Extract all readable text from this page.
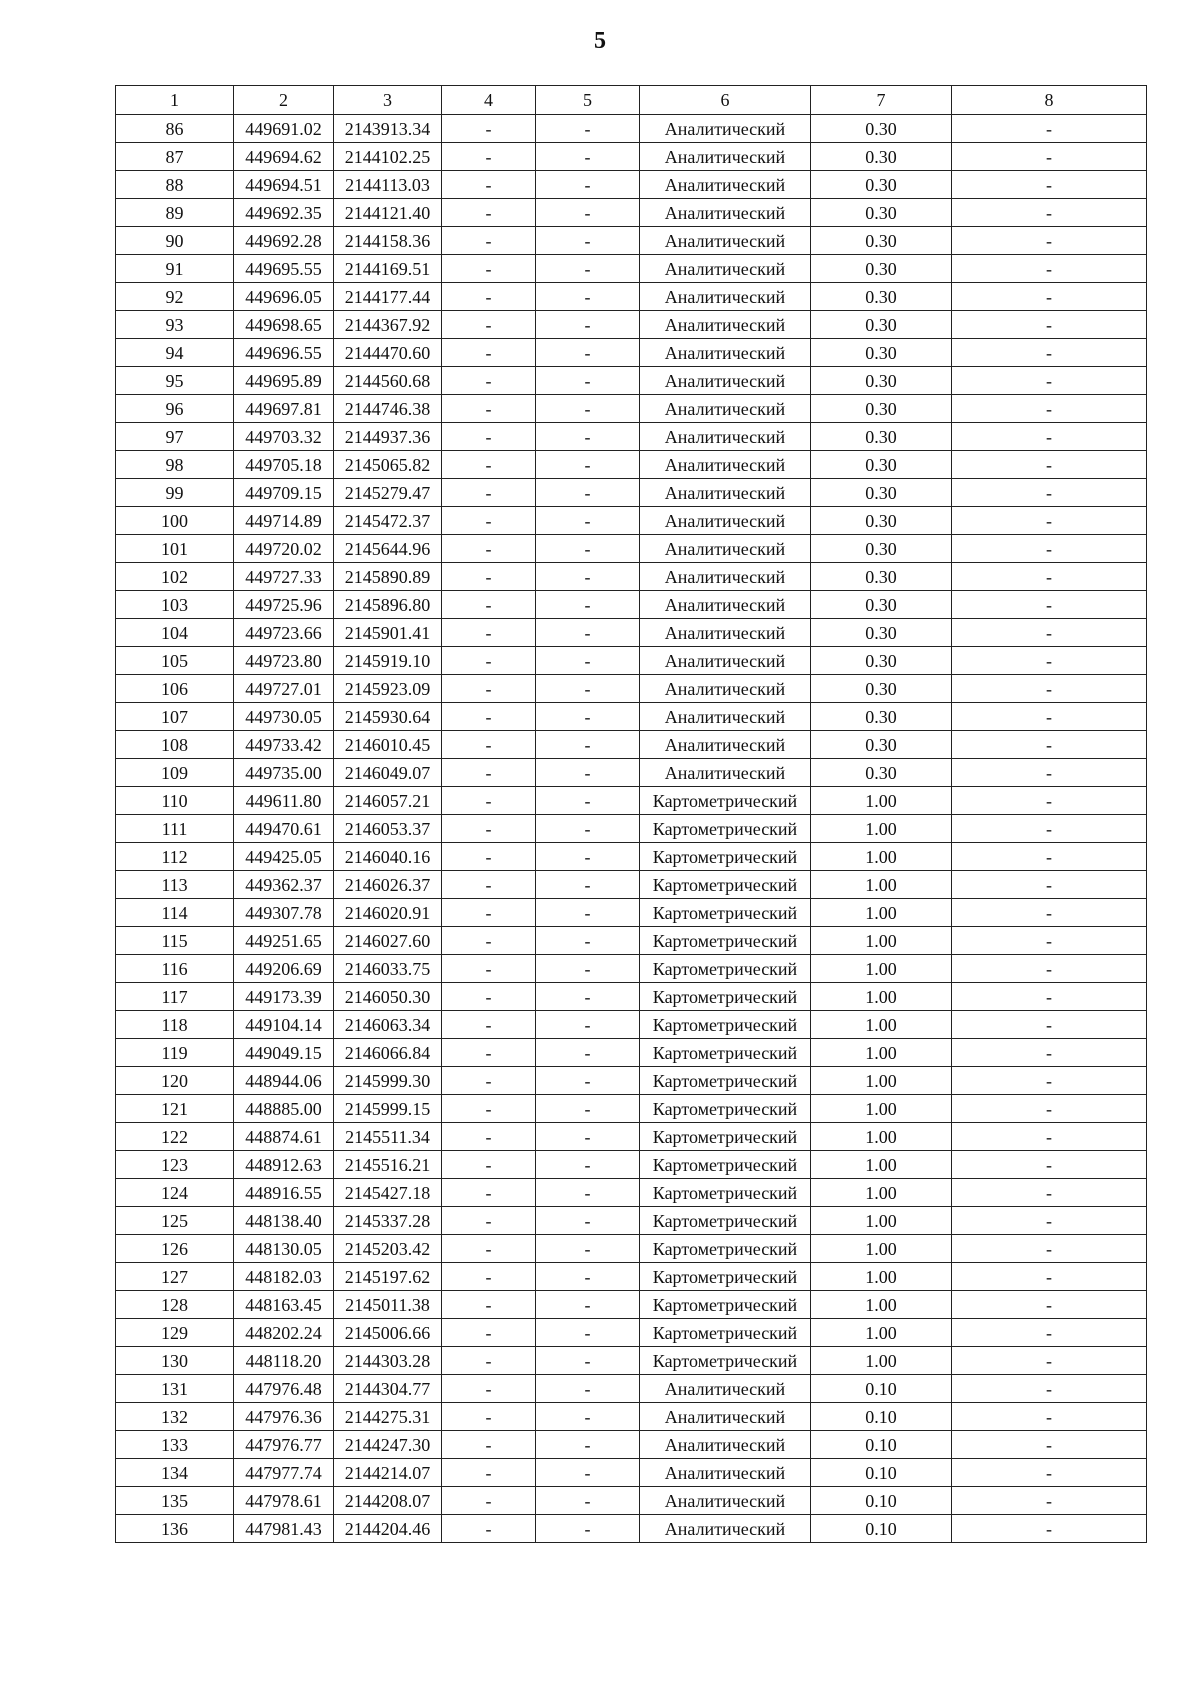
5
1	2	3	4	5	6	7	8
86	449691.02	2143913.34	-	-	Аналитический	0.30	-
87	449694.62	2144102.25	-	-	Аналитический	0.30	-
88	449694.51	2144113.03	-	-	Аналитический	0.30	-
89	449692.35	2144121.40	-	-	Аналитический	0.30	-
90	449692.28	2144158.36	-	-	Аналитический	0.30	-
91	449695.55	2144169.51	-	-	Аналитический	0.30	-
92	449696.05	2144177.44	-	-	Аналитический	0.30	-
93	449698.65	2144367.92	-	-	Аналитический	0.30	-
94	449696.55	2144470.60	-	-	Аналитический	0.30	-
95	449695.89	2144560.68	-	-	Аналитический	0.30	-
96	449697.81	2144746.38	-	-	Аналитический	0.30	-
97	449703.32	2144937.36	-	-	Аналитический	0.30	-
98	449705.18	2145065.82	-	-	Аналитический	0.30	-
99	449709.15	2145279.47	-	-	Аналитический	0.30	-
100	449714.89	2145472.37	-	-	Аналитический	0.30	-
101	449720.02	2145644.96	-	-	Аналитический	0.30	-
102	449727.33	2145890.89	-	-	Аналитический	0.30	-
103	449725.96	2145896.80	-	-	Аналитический	0.30	-
104	449723.66	2145901.41	-	-	Аналитический	0.30	-
105	449723.80	2145919.10	-	-	Аналитический	0.30	-
106	449727.01	2145923.09	-	-	Аналитический	0.30	-
107	449730.05	2145930.64	-	-	Аналитический	0.30	-
108	449733.42	2146010.45	-	-	Аналитический	0.30	-
109	449735.00	2146049.07	-	-	Аналитический	0.30	-
110	449611.80	2146057.21	-	-	Картометрический	1.00	-
111	449470.61	2146053.37	-	-	Картометрический	1.00	-
112	449425.05	2146040.16	-	-	Картометрический	1.00	-
113	449362.37	2146026.37	-	-	Картометрический	1.00	-
114	449307.78	2146020.91	-	-	Картометрический	1.00	-
115	449251.65	2146027.60	-	-	Картометрический	1.00	-
116	449206.69	2146033.75	-	-	Картометрический	1.00	-
117	449173.39	2146050.30	-	-	Картометрический	1.00	-
118	449104.14	2146063.34	-	-	Картометрический	1.00	-
119	449049.15	2146066.84	-	-	Картометрический	1.00	-
120	448944.06	2145999.30	-	-	Картометрический	1.00	-
121	448885.00	2145999.15	-	-	Картометрический	1.00	-
122	448874.61	2145511.34	-	-	Картометрический	1.00	-
123	448912.63	2145516.21	-	-	Картометрический	1.00	-
124	448916.55	2145427.18	-	-	Картометрический	1.00	-
125	448138.40	2145337.28	-	-	Картометрический	1.00	-
126	448130.05	2145203.42	-	-	Картометрический	1.00	-
127	448182.03	2145197.62	-	-	Картометрический	1.00	-
128	448163.45	2145011.38	-	-	Картометрический	1.00	-
129	448202.24	2145006.66	-	-	Картометрический	1.00	-
130	448118.20	2144303.28	-	-	Картометрический	1.00	-
131	447976.48	2144304.77	-	-	Аналитический	0.10	-
132	447976.36	2144275.31	-	-	Аналитический	0.10	-
133	447976.77	2144247.30	-	-	Аналитический	0.10	-
134	447977.74	2144214.07	-	-	Аналитический	0.10	-
135	447978.61	2144208.07	-	-	Аналитический	0.10	-
136	447981.43	2144204.46	-	-	Аналитический	0.10	-
